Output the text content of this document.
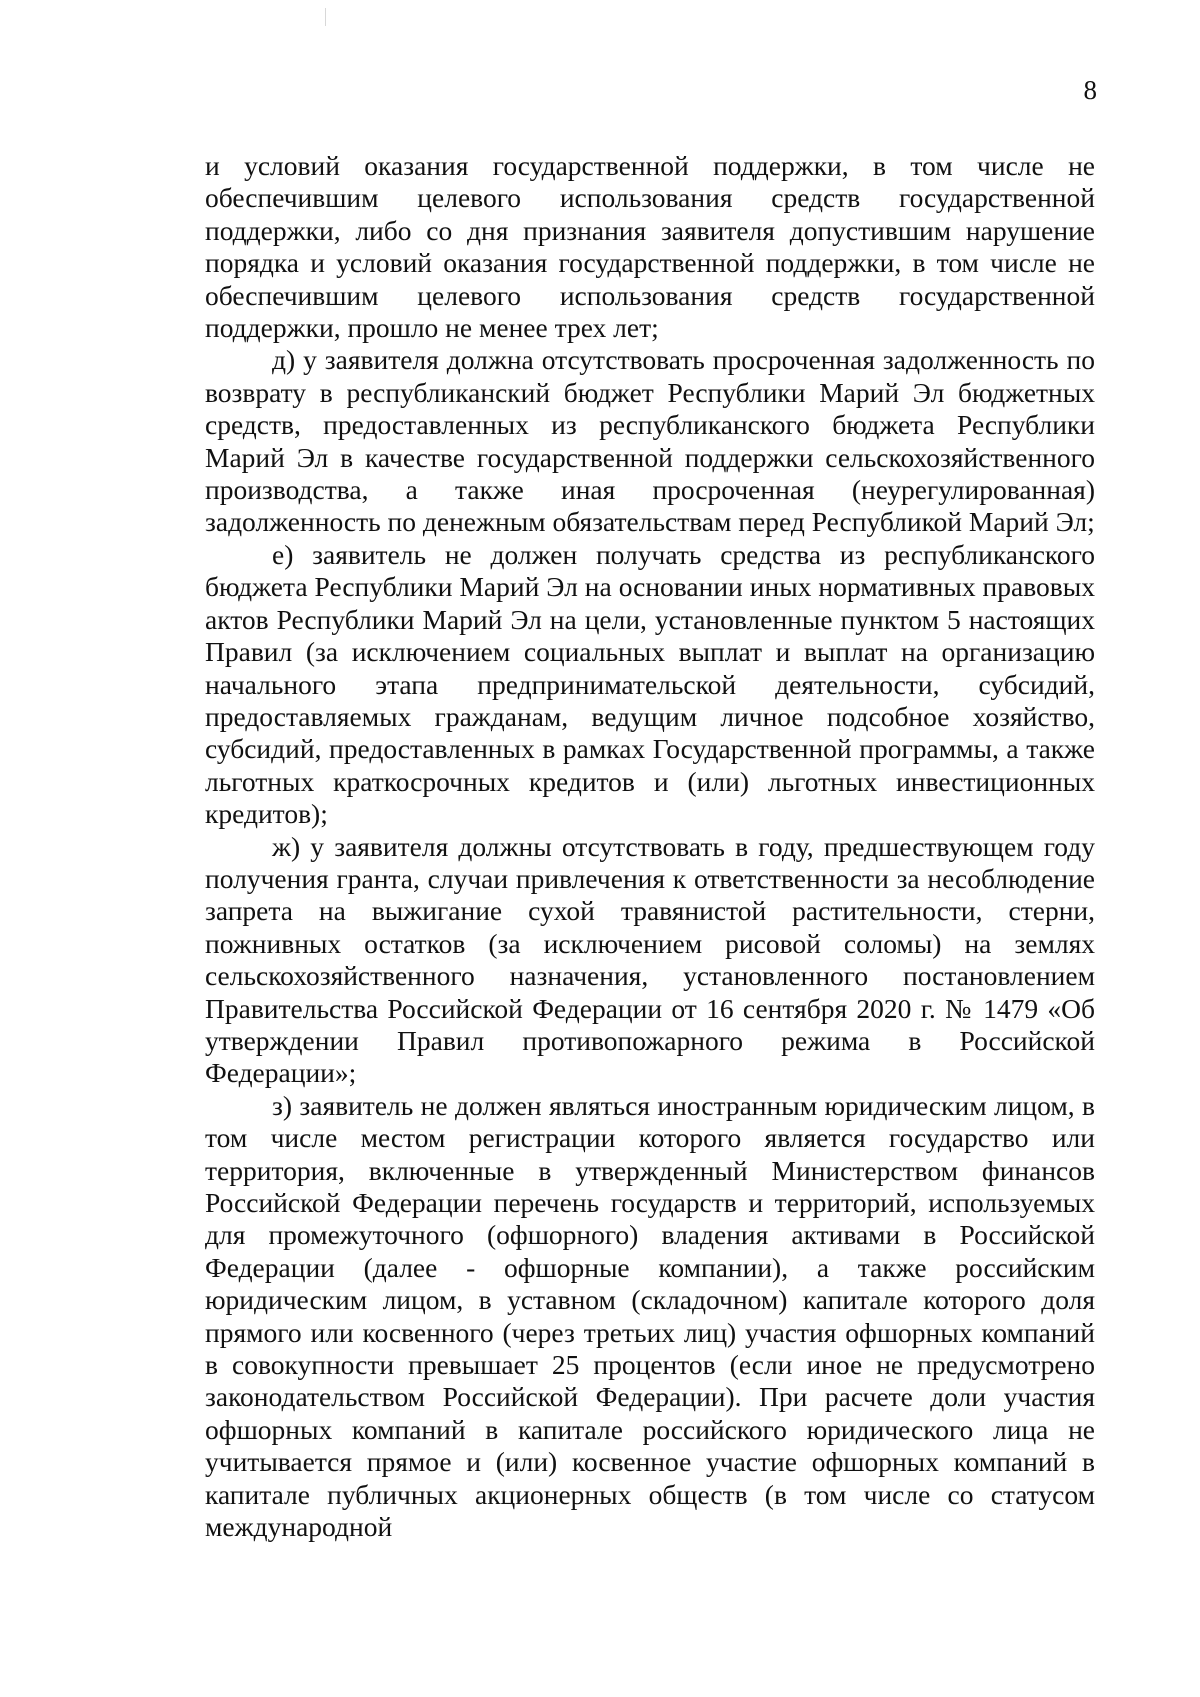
8

и условий оказания государственной поддержки, в том числе не обеспечившим целевого использования средств государственной поддержки, либо со дня признания заявителя допустившим нарушение порядка и условий оказания государственной поддержки, в том числе не обеспечившим целевого использования средств государственной поддержки, прошло не менее трех лет;

д) у заявителя должна отсутствовать просроченная задолженность по возврату в республиканский бюджет Республики Марий Эл бюджетных средств, предоставленных из республиканского бюджета Республики Марий Эл в качестве государственной поддержки сельскохозяйственного производства, а также иная просроченная (неурегулированная) задолженность по денежным обязательствам перед Республикой Марий Эл;

е) заявитель не должен получать средства из республиканского бюджета Республики Марий Эл на основании иных нормативных правовых актов Республики Марий Эл на цели, установленные пунктом 5 настоящих Правил (за исключением социальных выплат и выплат на организацию начального этапа предпринимательской деятельности, субсидий, предоставляемых гражданам, ведущим личное подсобное хозяйство, субсидий, предоставленных в рамках Государственной программы, а также льготных краткосрочных кредитов и (или) льготных инвестиционных кредитов);

ж) у заявителя должны отсутствовать в году, предшествующем году получения гранта, случаи привлечения к ответственности за несоблюдение запрета на выжигание сухой травянистой растительности, стерни, пожнивных остатков (за исключением рисовой соломы) на землях сельскохозяйственного назначения, установленного постановлением Правительства Российской Федерации от 16 сентября 2020 г. № 1479 «Об утверждении Правил противопожарного режима в Российской Федерации»;

з) заявитель не должен являться иностранным юридическим лицом, в том числе местом регистрации которого является государство или территория, включенные в утвержденный Министерством финансов Российской Федерации перечень государств и территорий, используемых для промежуточного (офшорного) владения активами в Российской Федерации (далее - офшорные компании), а также российским юридическим лицом, в уставном (складочном) капитале которого доля прямого или косвенного (через третьих лиц) участия офшорных компаний в совокупности превышает 25 процентов (если иное не предусмотрено законодательством Российской Федерации). При расчете доли участия офшорных компаний в капитале российского юридического лица не учитывается прямое и (или) косвенное участие офшорных компаний в капитале публичных акционерных обществ (в том числе со статусом международной
